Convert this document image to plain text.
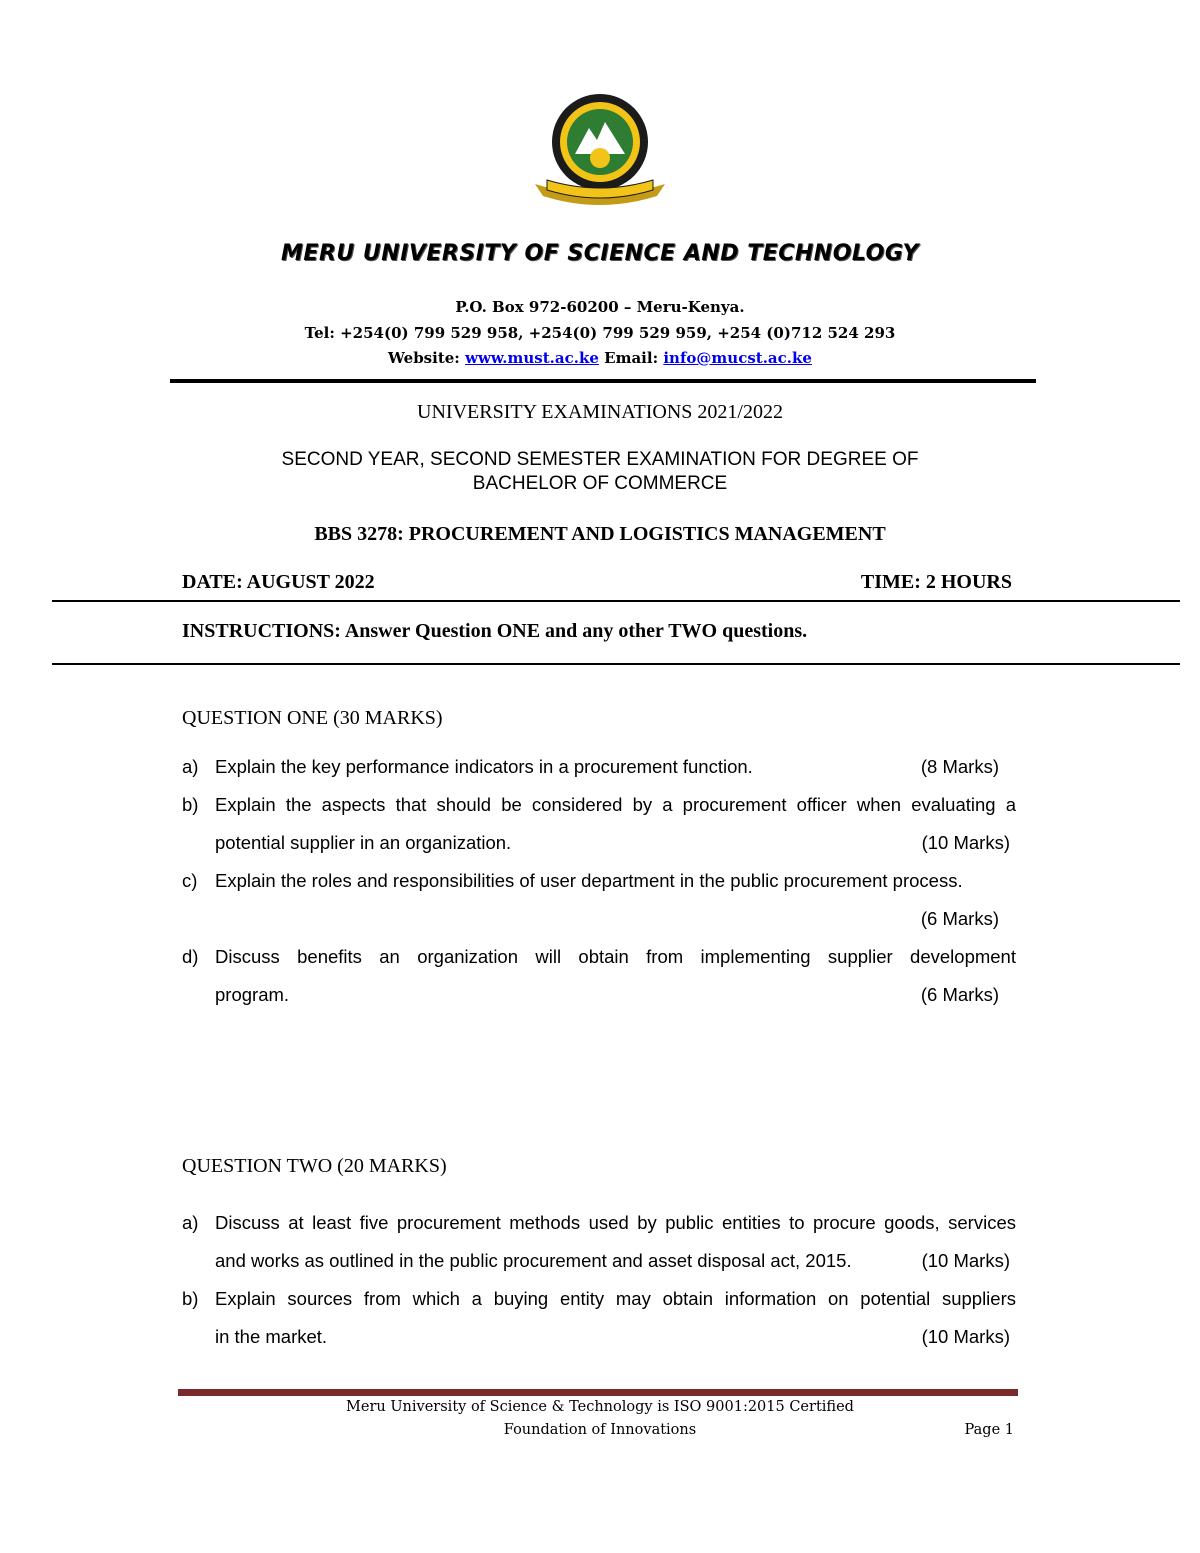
MERU UNIVERSITY OF SCIENCE AND TECHNOLOGY
P.O. Box 972-60200 – Meru-Kenya.
Tel: +254(0) 799 529 958, +254(0) 799 529 959, +254 (0)712 524 293
Website: www.must.ac.ke Email: info@mucst.ac.ke
UNIVERSITY EXAMINATIONS 2021/2022
SECOND YEAR, SECOND SEMESTER EXAMINATION FOR DEGREE OF
BACHELOR OF COMMERCE
BBS 3278: PROCUREMENT AND LOGISTICS MANAGEMENT
DATE: AUGUST 2022	TIME: 2 HOURS
INSTRUCTIONS: Answer Question ONE and any other TWO questions.
QUESTION ONE (30 MARKS)
a) Explain the key performance indicators in a procurement function.	(8 Marks)
b) Explain the aspects that should be considered by a procurement officer when evaluating a
potential supplier in an organization.	(10 Marks)
c) Explain the roles and responsibilities of user department in the public procurement process.
(6 Marks)
d) Discuss benefits an organization will obtain from implementing supplier development
program.	(6 Marks)
QUESTION TWO (20 MARKS)
a) Discuss at least five procurement methods used by public entities to procure goods, services
and works as outlined in the public procurement and asset disposal act, 2015.	(10 Marks)
b) Explain sources from which a buying entity may obtain information on potential suppliers
in the market.	(10 Marks)
Meru University of Science & Technology is ISO 9001:2015 Certified
Foundation of Innovations	Page 1
